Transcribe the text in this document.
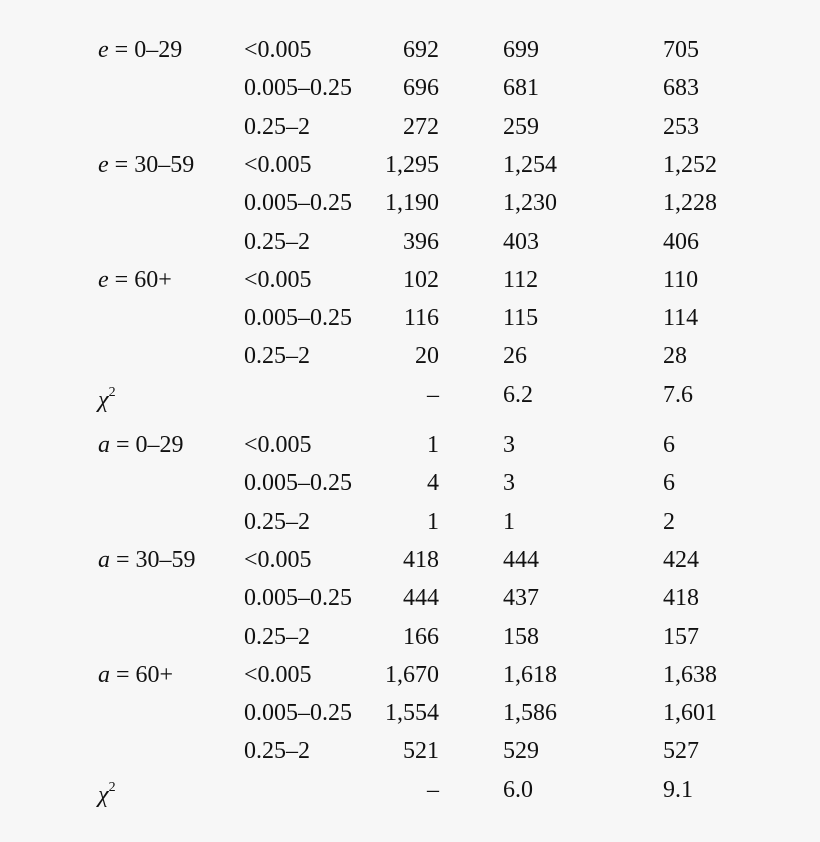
e = 0–29	<0.005	692	699	705
0.005–0.25 696	681	683
0.25–2	272	259	253
e = 30–59 <0.005	1,295	1,254	1,252
0.005–0.25 1,190	1,230	1,228
0.25–2	396	403	406
e = 60+	<0.005	102	112	110
0.005–0.25 116	115	114
0.25–2	20	26	28
$\chi^2$	–	6.2	7.6
a = 0–29	<0.005	1	3	6
0.005–0.25	4	3	6
0.25–2	1	1	2
a = 30–59 <0.005	418	444	424
0.005–0.25 444	437	418
0.25–2	166	158	157
a = 60+	<0.005	1,670	1,618	1,638
0.005–0.25 1,554	1,586	1,601
0.25–2	521	529	527
$\chi^2$	–	6.0	9.1
